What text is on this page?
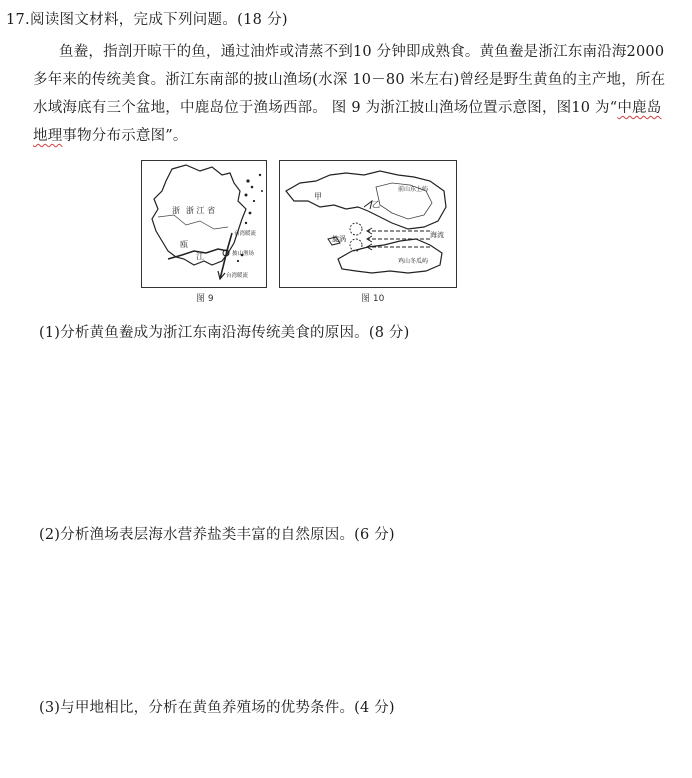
17.阅读图文材料，完成下列问题。(18 分)

鱼鲞，指剖开晾干的鱼，通过油炸或清蒸不到10 分钟即成熟食。黄鱼鲞是浙江东南沿海2000 多年来的传统美食。浙江东南部的披山渔场(水深 10－80 米左右)曾经是野生黄鱼的主产地，所在水域海底有三个盆地，中鹿岛位于渔场西部。 图 9 为浙江披山渔场位置示意图，图10 为“中鹿岛地理事物分布示意图”。

浙 浙 江 省
瓯
江
台湾暖流
披山渔场
台湾暖流
图 9
甲
乙
前山东上屿
旋涡	海流
鸡山冬瓜屿
图 10
(1)分析黄鱼鲞成为浙江东南沿海传统美食的原因。(8 分)
(2)分析渔场表层海水营养盐类丰富的自然原因。(6 分)
(3)与甲地相比，分析在黄鱼养殖场的优势条件。(4 分)
